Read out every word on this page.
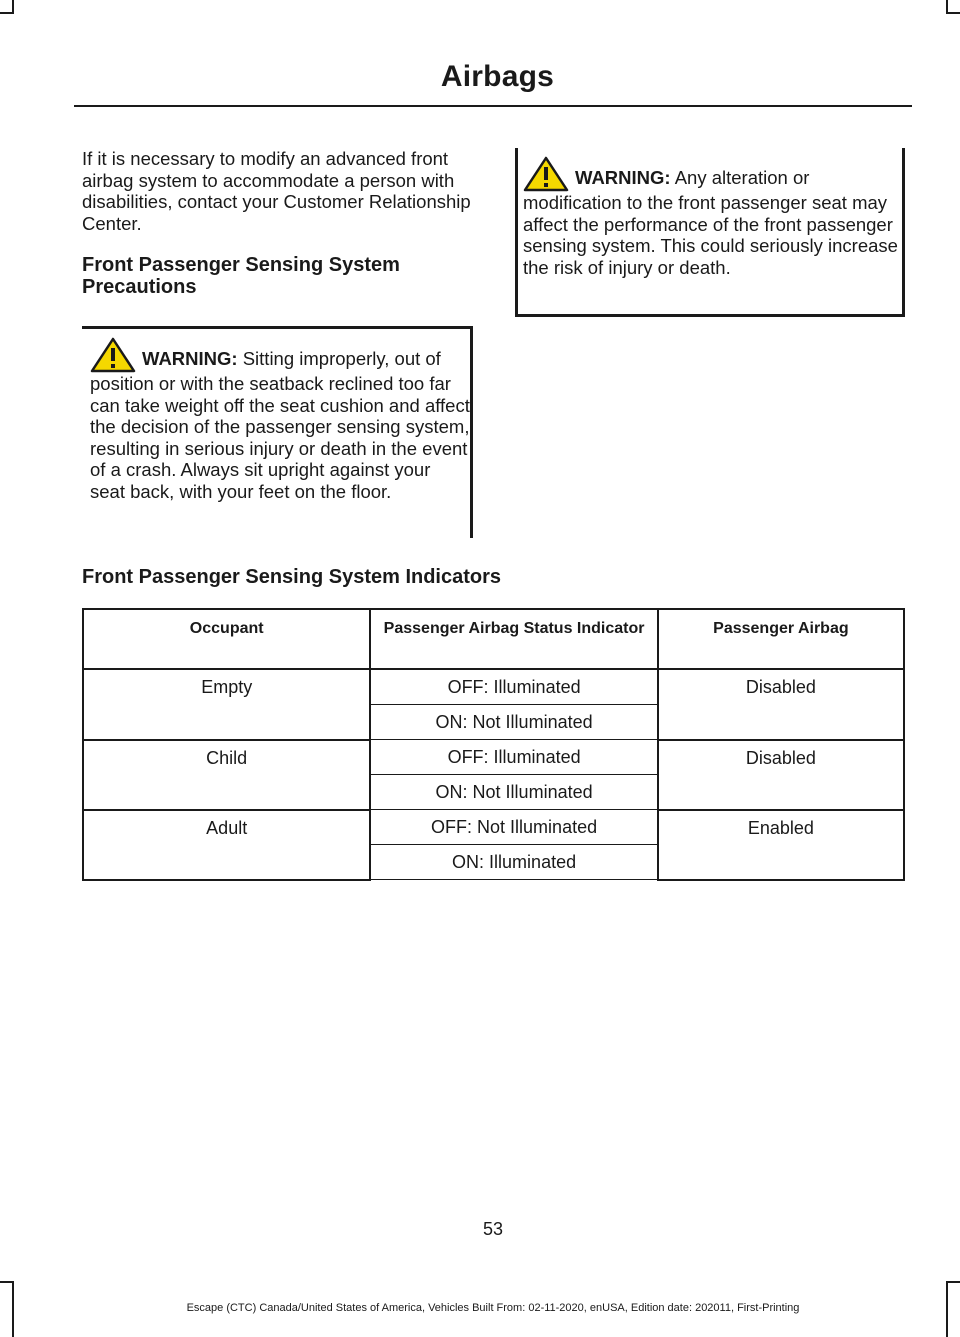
Airbags

If it is necessary to modify an advanced front airbag system to accommodate a person with disabilities, contact your Customer Relationship Center.

Front Passenger Sensing System Precautions

WARNING: Sitting improperly, out of position or with the seatback reclined too far can take weight off the seat cushion and affect the decision of the passenger sensing system, resulting in serious injury or death in the event of a crash. Always sit upright against your seat back, with your feet on the floor.

WARNING: Any alteration or modification to the front passenger seat may affect the performance of the front passenger sensing system. This could seriously increase the risk of injury or death.

Front Passenger Sensing System Indicators
Occupant	Passenger Airbag Status Indicator	Passenger Airbag
Empty	OFF: Illuminated	Disabled
	ON: Not Illuminated	
Child	OFF: Illuminated	Disabled
	ON: Not Illuminated	
Adult	OFF: Not Illuminated	Enabled
	ON: Illuminated	
53
Escape (CTC) Canada/United States of America, Vehicles Built From: 02-11-2020, enUSA, Edition date: 202011, First-Printing
